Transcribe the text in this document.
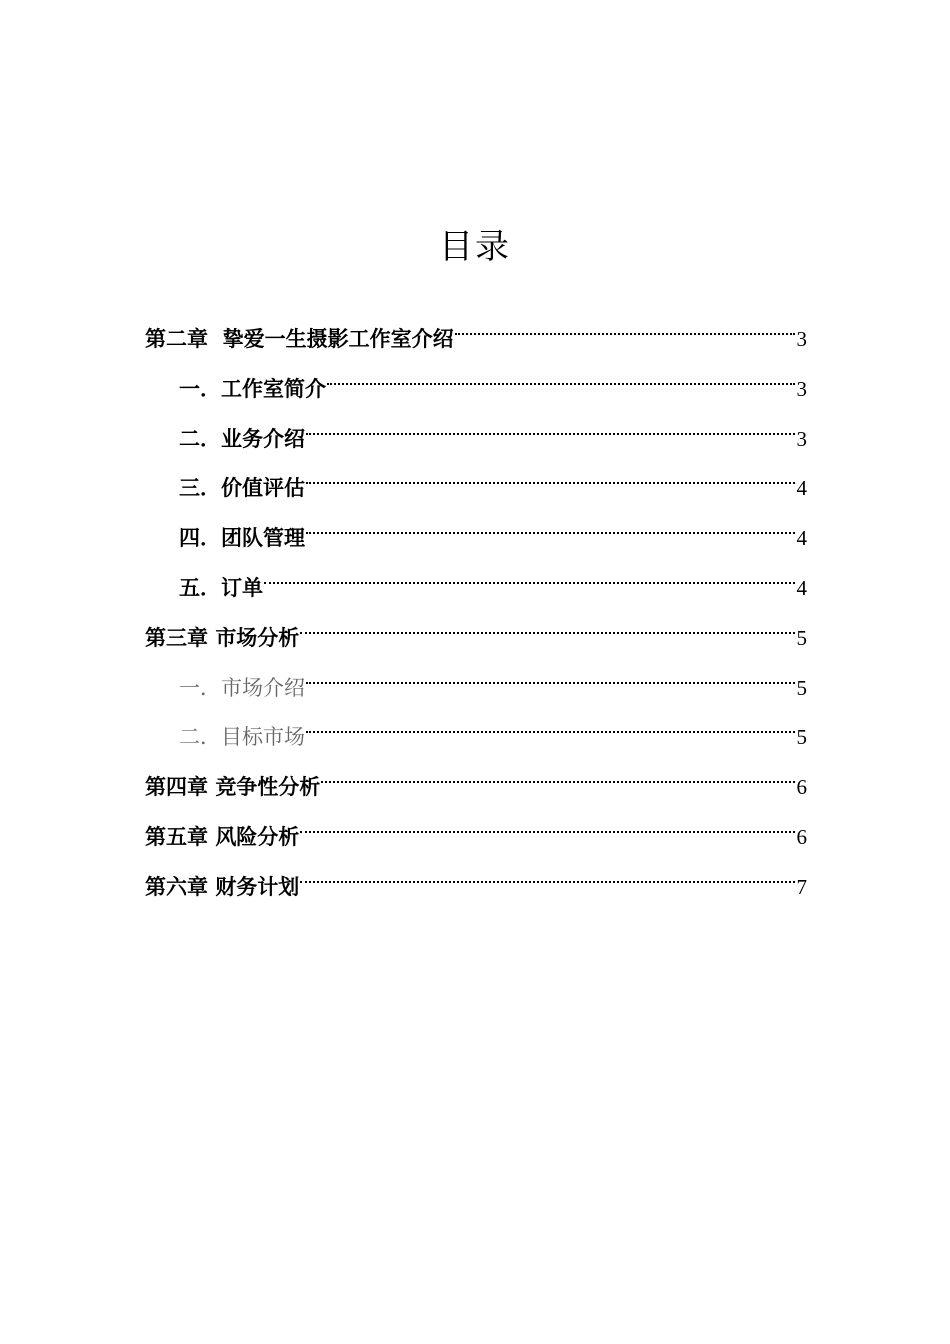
目录
第二章 挚爱一生摄影工作室介绍	3
一． 工作室简介	3
二． 业务介绍	3
三． 价值评估	4
四． 团队管理	4
五． 订单	4
第三章 市场分析	5
一． 市场介绍	5
二． 目标市场	5
第四章 竞争性分析	6
第五章 风险分析	6
第六章 财务计划	7
